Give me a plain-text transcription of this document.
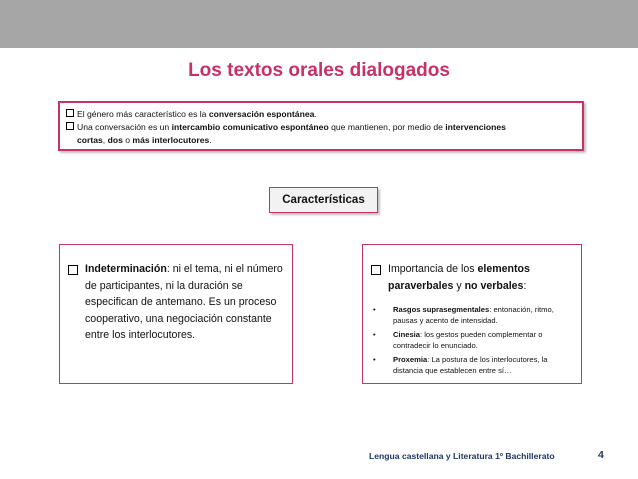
Los textos orales dialogados
El género más característico es la conversación espontánea.
Una conversación es un intercambio comunicativo espontáneo que mantienen, por medio de intervenciones
cortas, dos o más interlocutores.
Características
Indeterminación: ni el tema, ni el número de participantes, ni la duración se especifican de antemano. Es un proceso cooperativo, una negociación constante entre los interlocutores.
Importancia de los elementos paraverbales y no verbales:
• Rasgos suprasegmentales: entonación, ritmo, pausas y acento de intensidad.
• Cinesia: los gestos pueden complementar o contradecir lo enunciado.
• Proxemia: La postura de los interlocutores, la distancia que establecen entre sí…
Lengua castellana y Literatura 1º Bachillerato	4
